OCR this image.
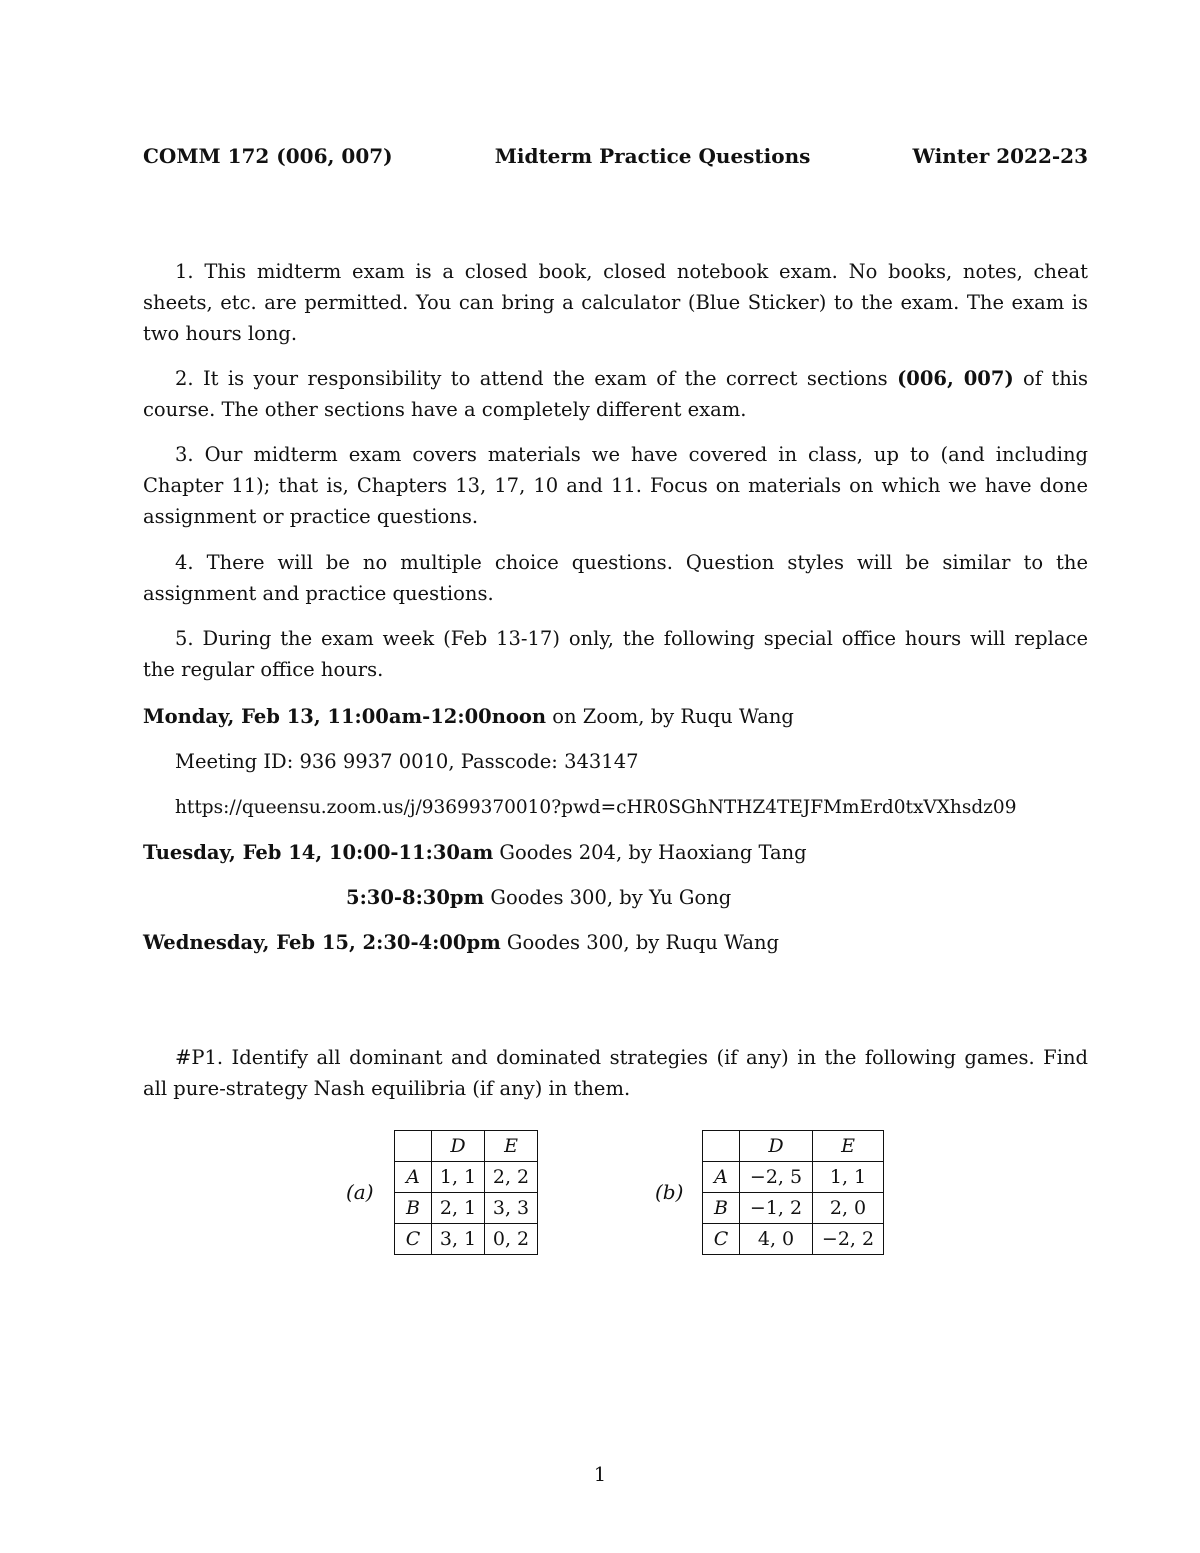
COMM 172 (006, 007)	Midterm Practice Questions	Winter 2022-23

1. This midterm exam is a closed book, closed notebook exam. No books, notes, cheat sheets, etc. are permitted. You can bring a calculator (Blue Sticker) to the exam. The exam is two hours long.

2. It is your responsibility to attend the exam of the correct sections (006, 007) of this course. The other sections have a completely different exam.

3. Our midterm exam covers materials we have covered in class, up to (and including Chapter 11); that is, Chapters 13, 17, 10 and 11. Focus on materials on which we have done assignment or practice questions.

4. There will be no multiple choice questions. Question styles will be similar to the assignment and practice questions.

5. During the exam week (Feb 13-17) only, the following special office hours will replace the regular office hours.

Monday, Feb 13, 11:00am-12:00noon on Zoom, by Ruqu Wang
Meeting ID: 936 9937 0010, Passcode: 343147
https://queensu.zoom.us/j/93699370010?pwd=cHR0SGhNTHZ4TEJFMmErd0txVXhsdz09
Tuesday, Feb 14, 10:00-11:30am Goodes 204, by Haoxiang Tang
5:30-8:30pm Goodes 300, by Yu Gong
Wednesday, Feb 15, 2:30-4:00pm Goodes 300, by Ruqu Wang

#P1. Identify all dominant and dominated strategies (if any) in the following games. Find all pure-strategy Nash equilibria (if any) in them.

(a)
	D	E
A	1, 1	2, 2
B	2, 1	3, 3
C	3, 1	0, 2
(b)
	D	E
A	−2, 5	1, 1
B	−1, 2	2, 0
C	4, 0	−2, 2
1
